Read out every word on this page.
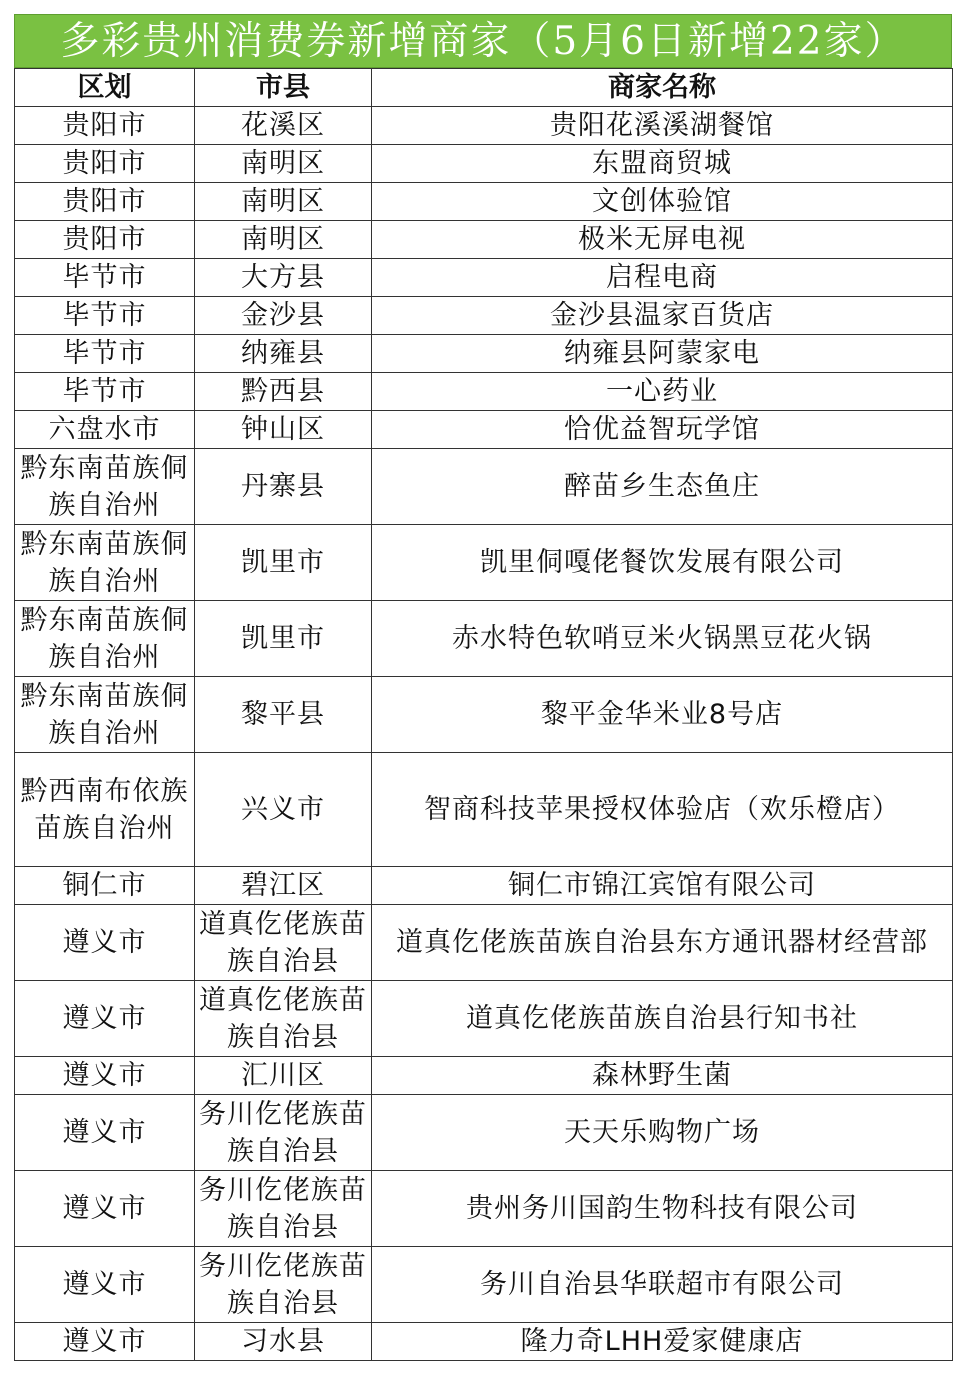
多彩贵州消费券新增商家（5月6日新增22家）
区划	市县	商家名称
贵阳市	花溪区	贵阳花溪溪湖餐馆
贵阳市	南明区	东盟商贸城
贵阳市	南明区	文创体验馆
贵阳市	南明区	极米无屏电视
毕节市	大方县	启程电商
毕节市	金沙县	金沙县温家百货店
毕节市	纳雍县	纳雍县阿蒙家电
毕节市	黔西县	一心药业
六盘水市	钟山区	恰优益智玩学馆
黔东南苗族侗族自治州	丹寨县	醉苗乡生态鱼庄
黔东南苗族侗族自治州	凯里市	凯里侗嘎佬餐饮发展有限公司
黔东南苗族侗族自治州	凯里市	赤水特色软哨豆米火锅黑豆花火锅
黔东南苗族侗族自治州	黎平县	黎平金华米业8号店
黔西南布依族苗族自治州	兴义市	智商科技苹果授权体验店（欢乐橙店）
铜仁市	碧江区	铜仁市锦江宾馆有限公司
遵义市	道真仡佬族苗族自治县	道真仡佬族苗族自治县东方通讯器材经营部
遵义市	道真仡佬族苗族自治县	道真仡佬族苗族自治县行知书社
遵义市	汇川区	森林野生菌
遵义市	务川仡佬族苗族自治县	天天乐购物广场
遵义市	务川仡佬族苗族自治县	贵州务川国韵生物科技有限公司
遵义市	务川仡佬族苗族自治县	务川自治县华联超市有限公司
遵义市	习水县	隆力奇LHH爱家健康店
